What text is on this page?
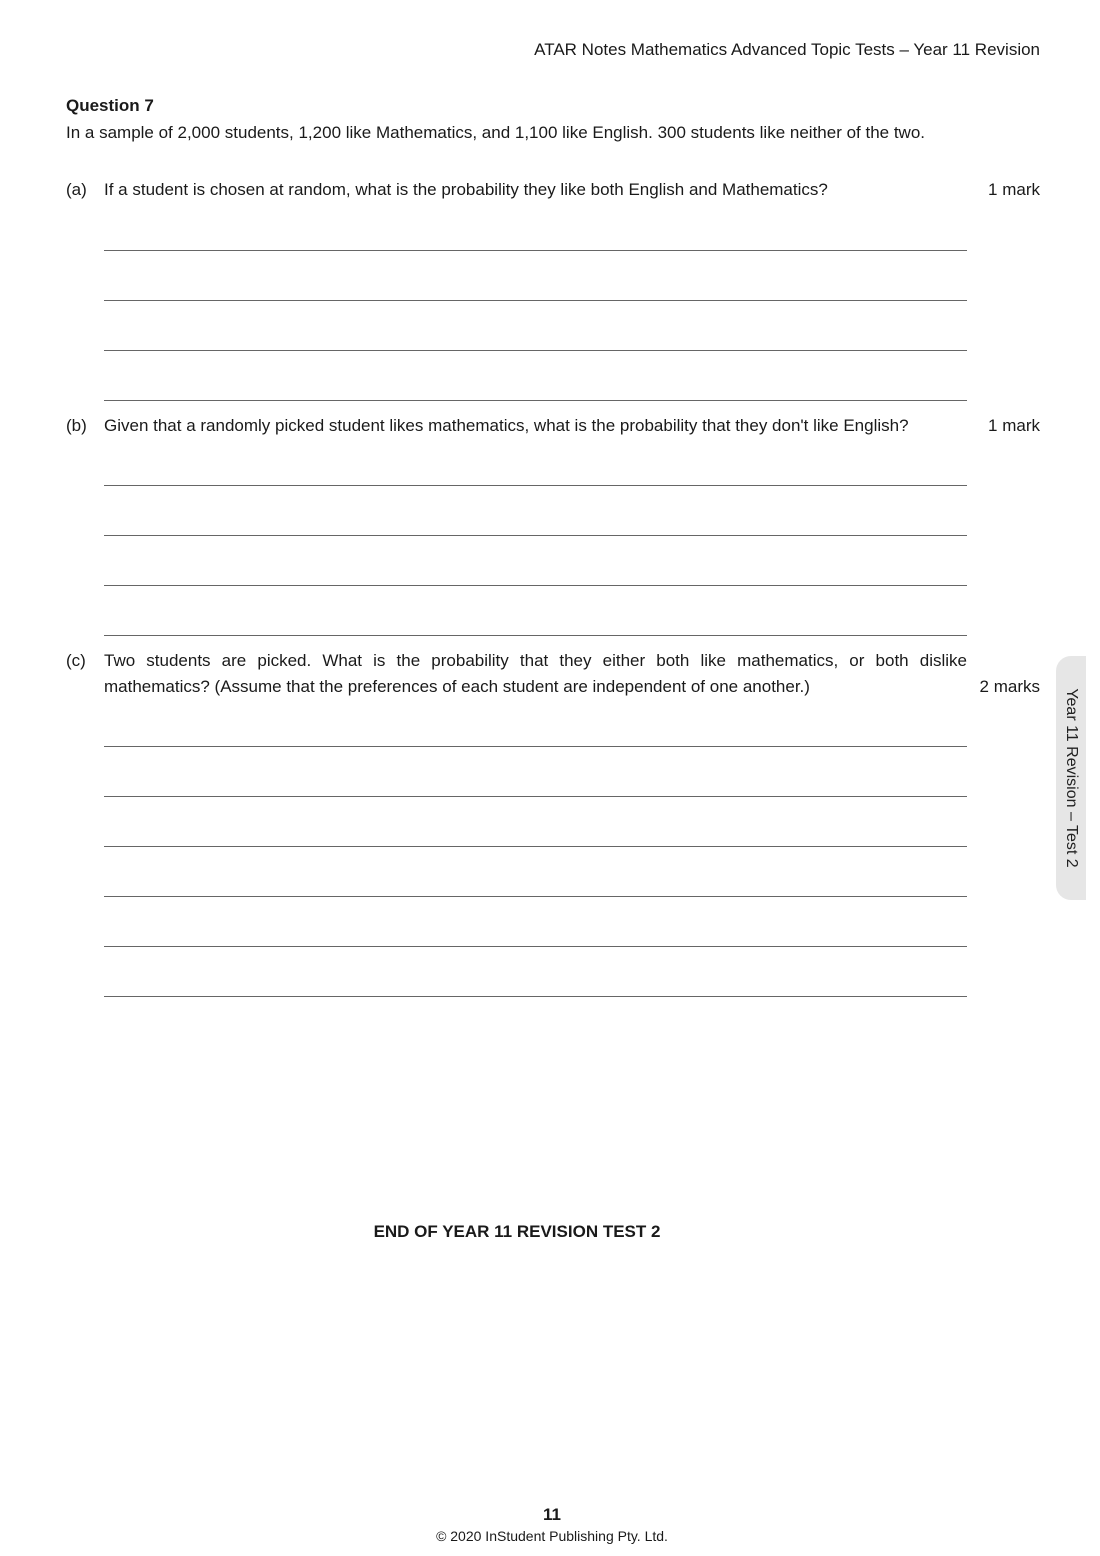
ATAR Notes Mathematics Advanced Topic Tests – Year 11 Revision
Question 7
In a sample of 2,000 students, 1,200 like Mathematics, and 1,100 like English. 300 students like neither of the two.
(a) If a student is chosen at random, what is the probability they like both English and Mathematics?	1 mark
(b) Given that a randomly picked student likes mathematics, what is the probability that they don't like English?	1 mark
(c) Two students are picked. What is the probability that they either both like mathematics, or both dislike
mathematics? (Assume that the preferences of each student are independent of one another.)	2 marks
END OF YEAR 11 REVISION TEST 2
Year 11 Revision – Test 2
11
© 2020 InStudent Publishing Pty. Ltd.
